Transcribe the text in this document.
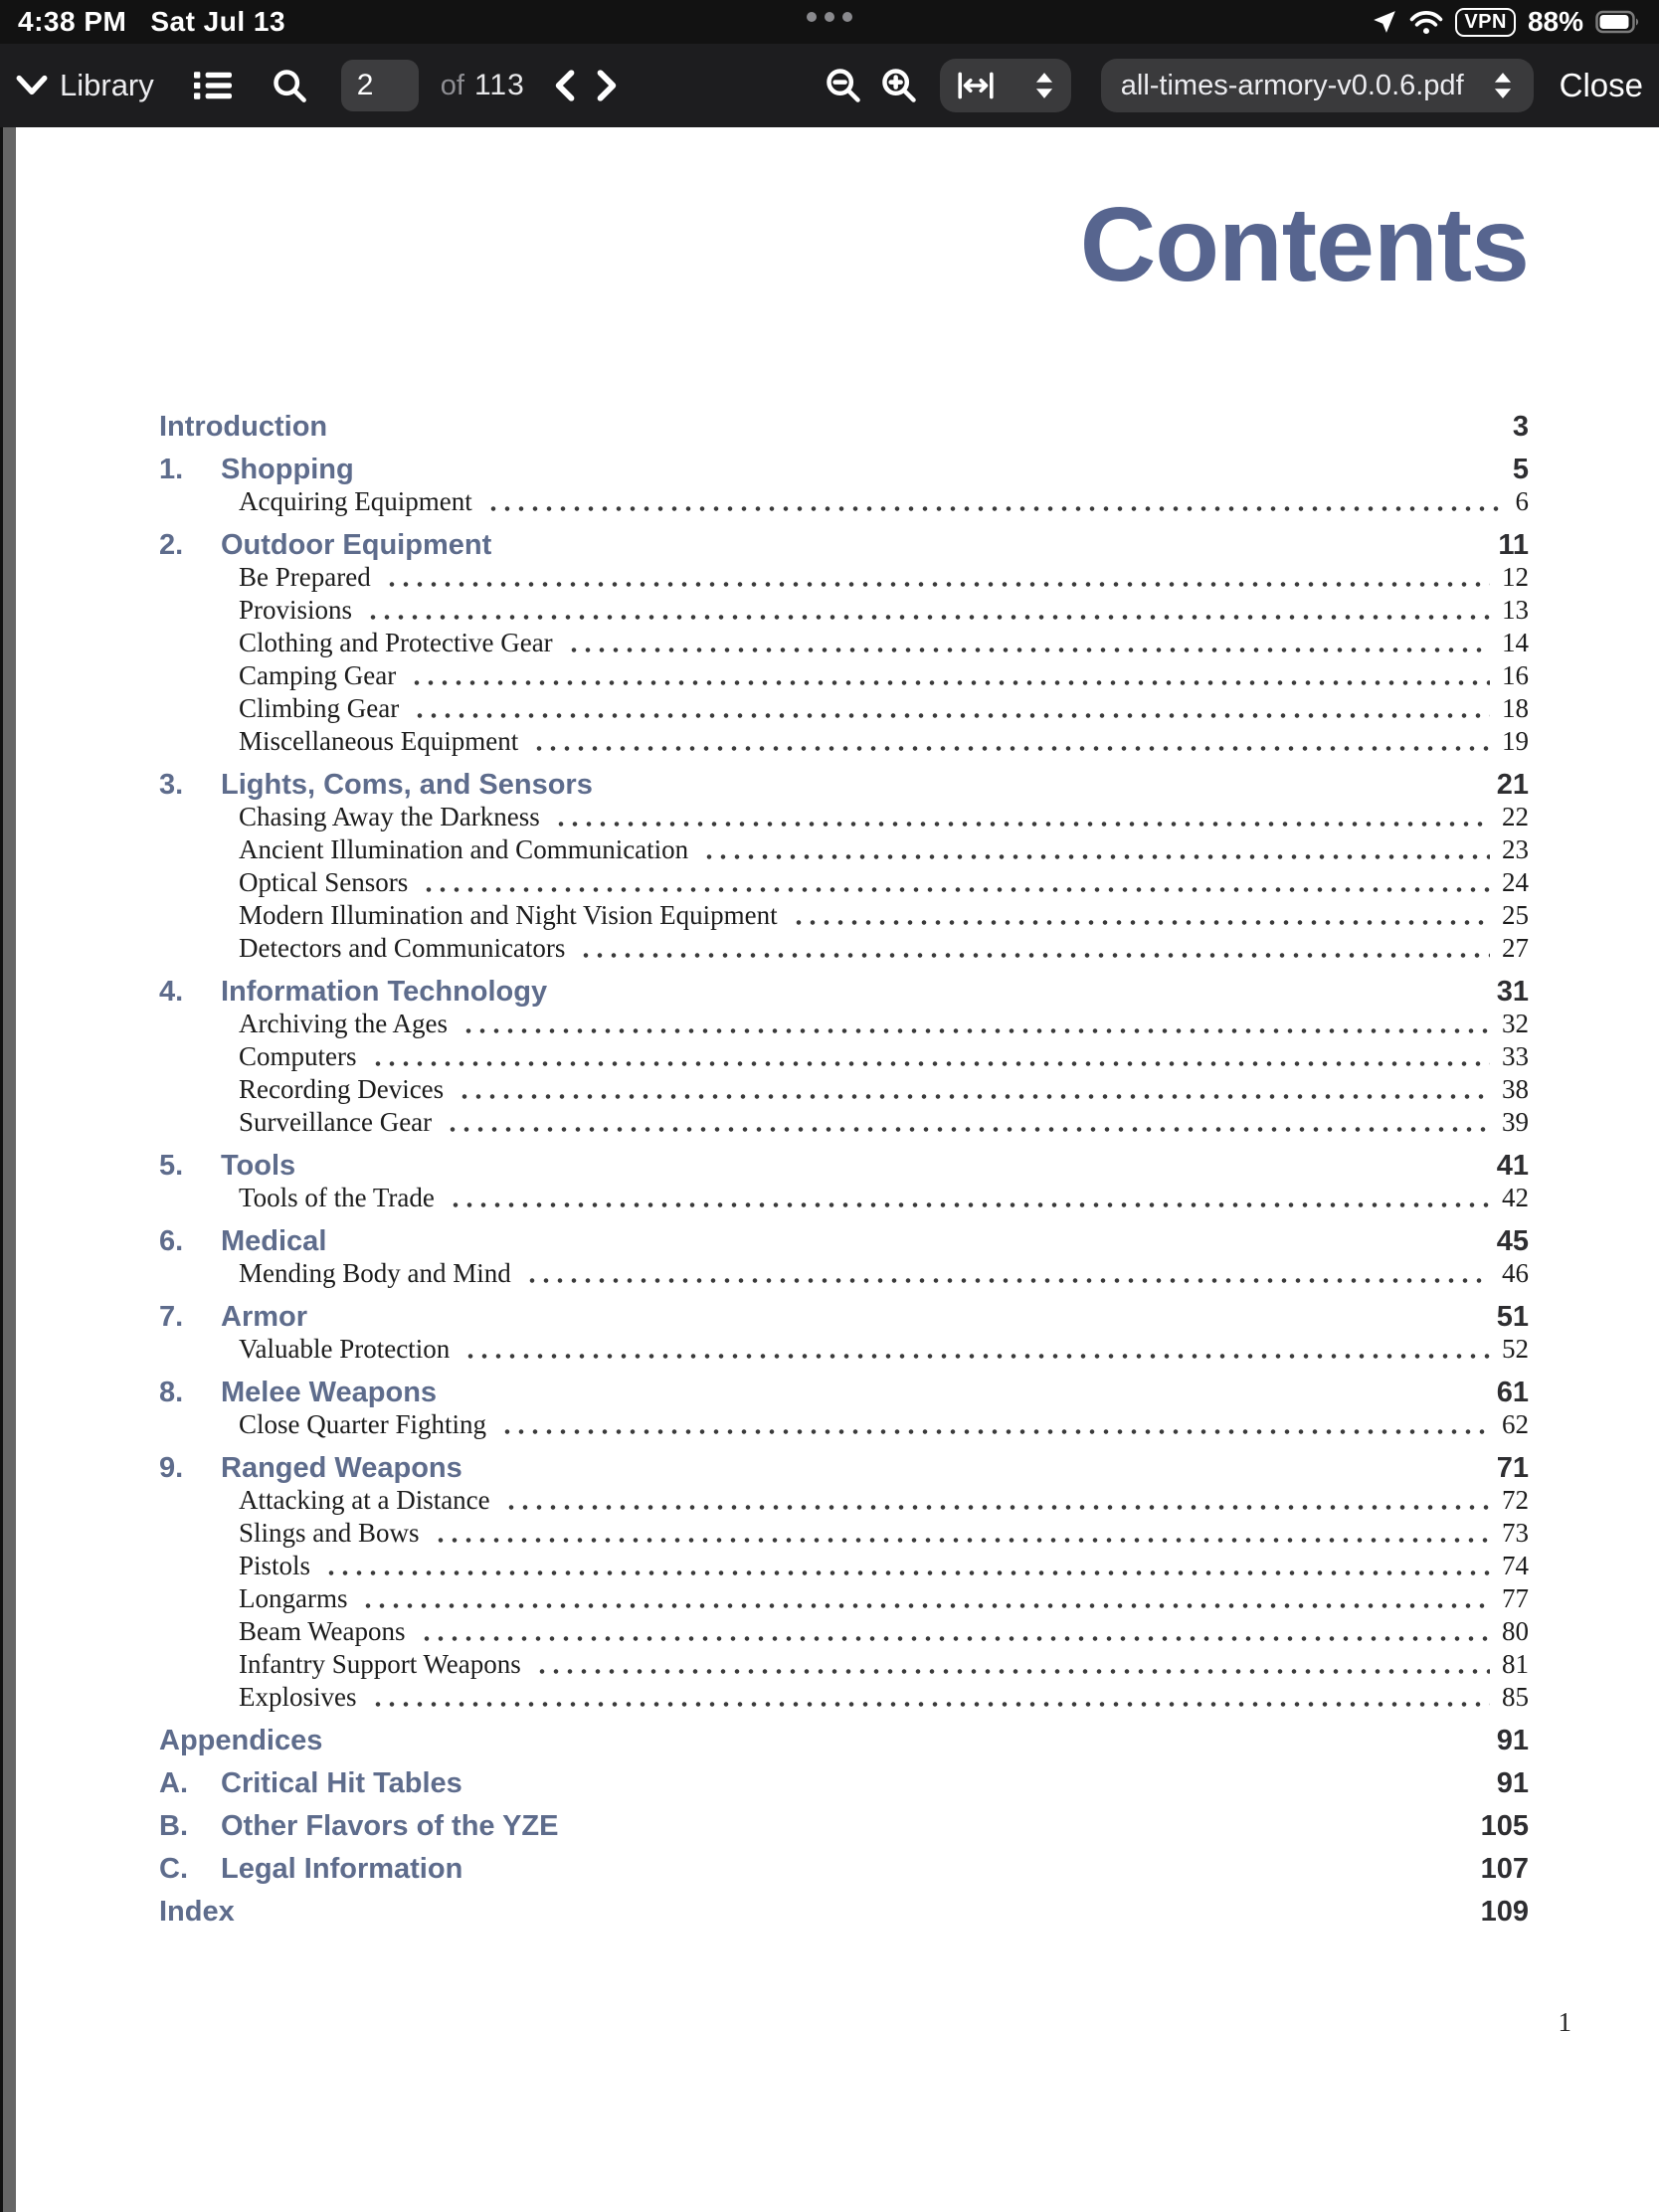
4:38 PM Sat Jul 13	VPN 88%
Library
2	of 113	all-times-armory-v0.0.6.pdf	Close
Contents
Introduction	3
1.	Shopping	5
Acquiring Equipment	6
2.	Outdoor Equipment	11
Be Prepared	12
Provisions	13
Clothing and Protective Gear	14
Camping Gear	16
Climbing Gear	18
Miscellaneous Equipment	19
3.	Lights, Coms, and Sensors	21
Chasing Away the Darkness	22
Ancient Illumination and Communication	23
Optical Sensors	24
Modern Illumination and Night Vision Equipment	25
Detectors and Communicators	27
4.	Information Technology	31
Archiving the Ages	32
Computers	33
Recording Devices	38
Surveillance Gear	39
5.	Tools	41
Tools of the Trade	42
6.	Medical	45
Mending Body and Mind	46
7.	Armor	51
Valuable Protection	52
8.	Melee Weapons	61
Close Quarter Fighting	62
9.	Ranged Weapons	71
Attacking at a Distance	72
Slings and Bows	73
Pistols	74
Longarms	77
Beam Weapons	80
Infantry Support Weapons	81
Explosives	85
Appendices	91
A.	Critical Hit Tables	91
B.	Other Flavors of the YZE	105
C.	Legal Information	107
Index	109
1
